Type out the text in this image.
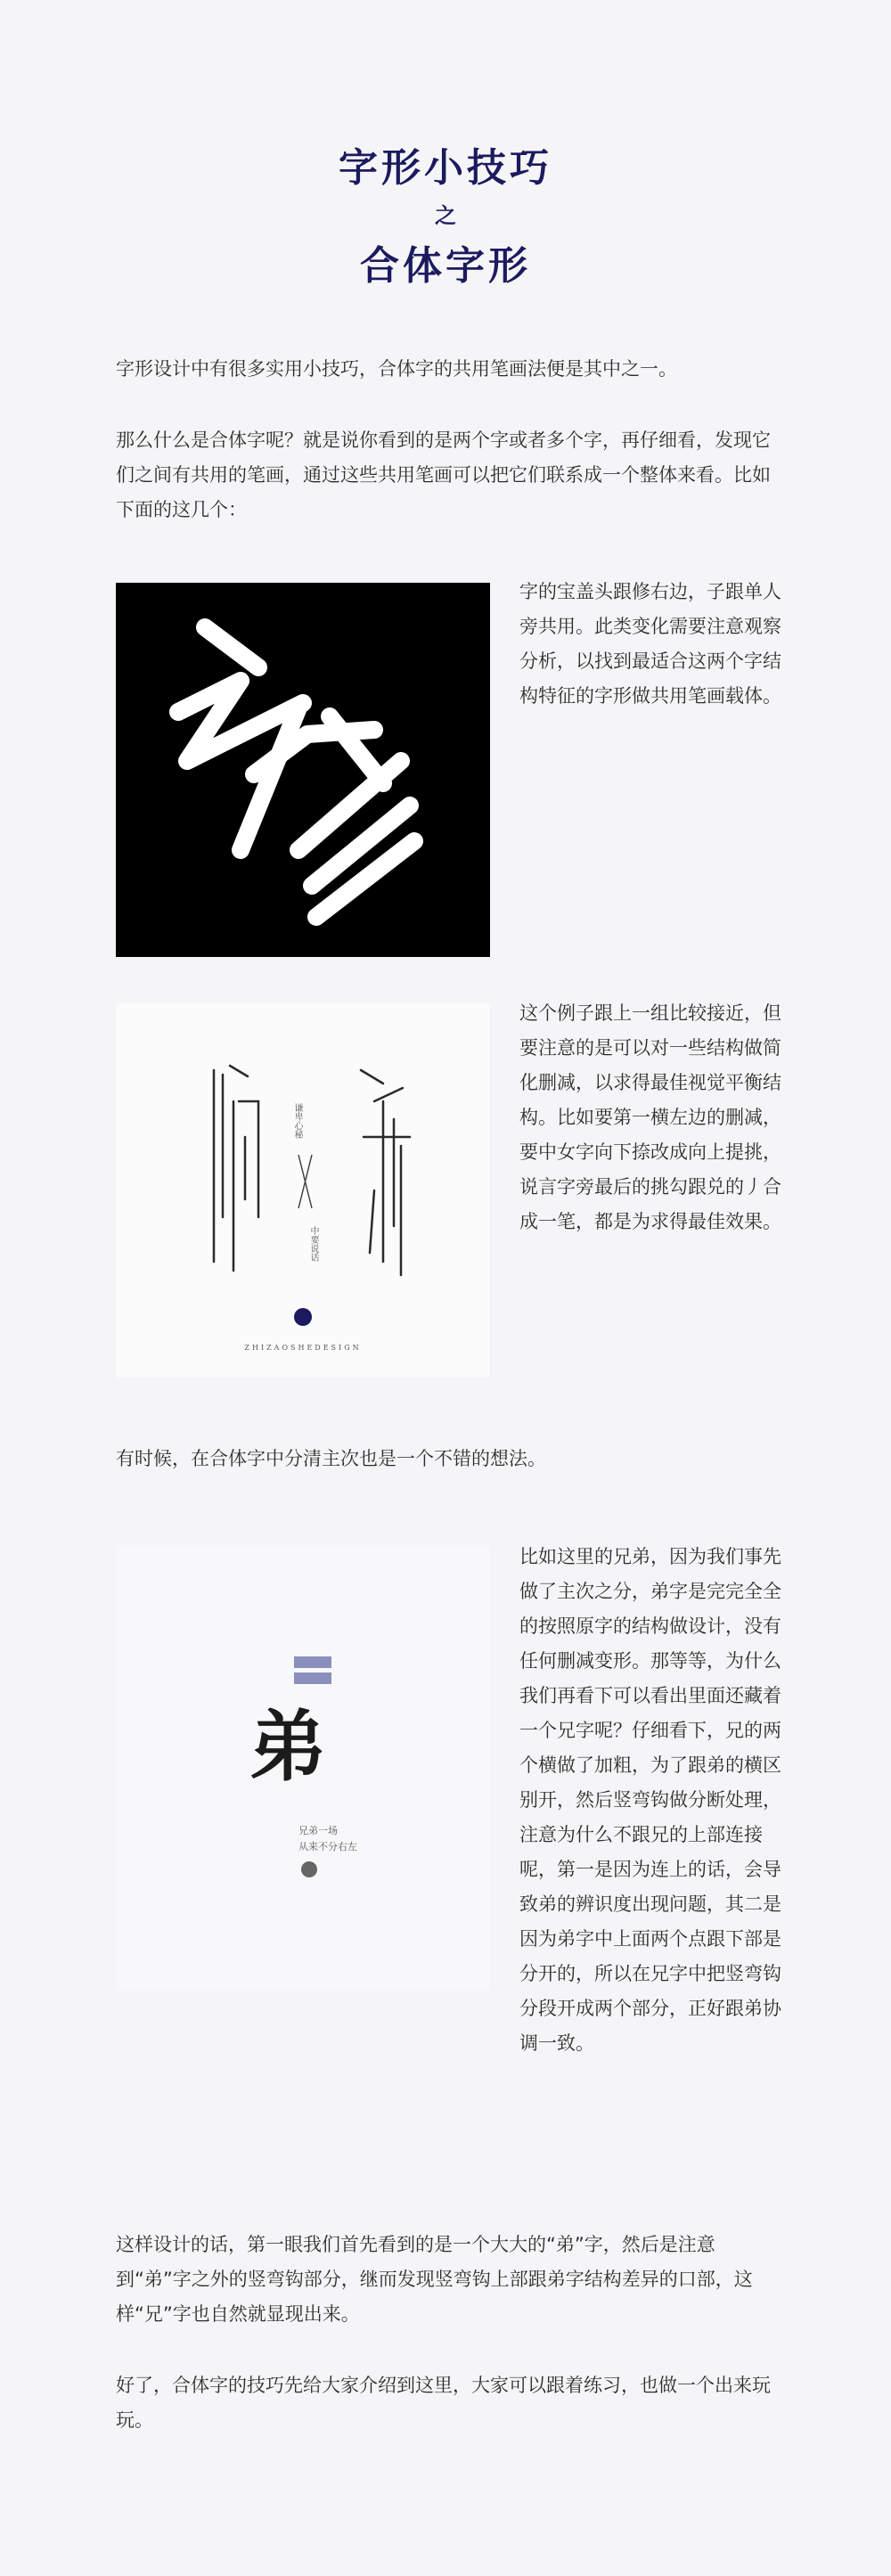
字形小技巧
之
合体字形

字形设计中有很多实用小技巧，合体字的共用笔画法便是其中之一。

那么什么是合体字呢？就是说你看到的是两个字或者多个字，再仔细看，发现它们之间有共用的笔画，通过这些共用笔画可以把它们联系成一个整体来看。比如下面的这几个：

字的宝盖头跟修右边，子跟单人旁共用。此类变化需要注意观察分析，以找到最适合这两个字结构特征的字形做共用笔画载体。

谦卑心秘
中要说话
ZHIZAOSHEDESIGN

这个例子跟上一组比较接近，但要注意的是可以对一些结构做简化删减，以求得最佳视觉平衡结构。比如要第一横左边的删减，要中女字向下捺改成向上提挑，说言字旁最后的挑勾跟兑的丿合成一笔，都是为求得最佳效果。

有时候，在合体字中分清主次也是一个不错的想法。

弟
兄弟一场
从来不分右左

比如这里的兄弟，因为我们事先做了主次之分，弟字是完完全全的按照原字的结构做设计，没有任何删减变形。那等等，为什么我们再看下可以看出里面还藏着一个兄字呢？仔细看下，兄的两个横做了加粗，为了跟弟的横区别开，然后竖弯钩做分断处理，注意为什么不跟兄的上部连接呢，第一是因为连上的话，会导致弟的辨识度出现问题，其二是因为弟字中上面两个点跟下部是分开的，所以在兄字中把竖弯钩分段开成两个部分，正好跟弟协调一致。

这样设计的话，第一眼我们首先看到的是一个大大的“弟”字，然后是注意到“弟”字之外的竖弯钩部分，继而发现竖弯钩上部跟弟字结构差异的口部，这样“兄”字也自然就显现出来。

好了，合体字的技巧先给大家介绍到这里，大家可以跟着练习，也做一个出来玩玩。
